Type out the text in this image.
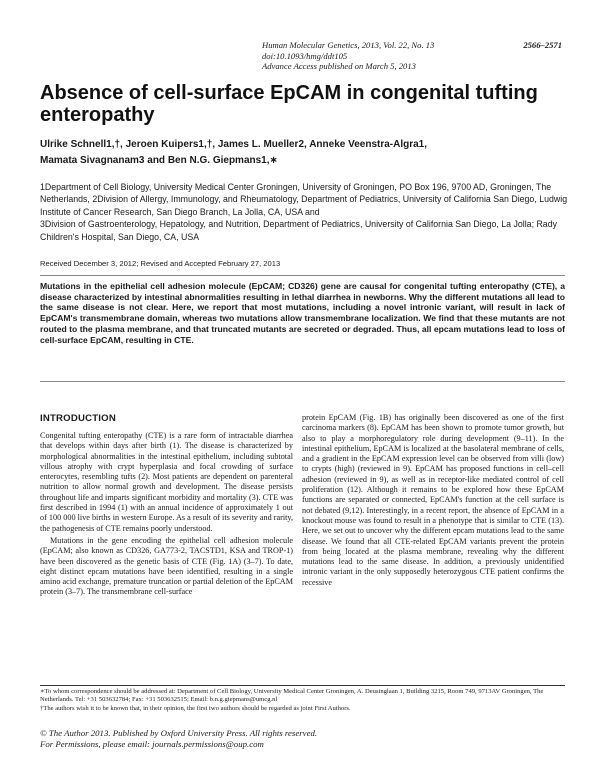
Human Molecular Genetics, 2013, Vol. 22, No. 13	2566–2571
doi:10.1093/hmg/ddt105
Advance Access published on March 5, 2013
Absence of cell-surface EpCAM in congenital tufting enteropathy
Ulrike Schnell1,†, Jeroen Kuipers1,†, James L. Mueller2, Anneke Veenstra-Algra1,
Mamata Sivagnanam3 and Ben N.G. Giepmans1,∗

1Department of Cell Biology, University Medical Center Groningen, University of Groningen, PO Box 196, 9700 AD, Groningen, The Netherlands, 2Division of Allergy, Immunology, and Rheumatology, Department of Pediatrics, University of California San Diego, Ludwig Institute of Cancer Research, San Diego Branch, La Jolla, CA, USA and

3Division of Gastroenterology, Hepatology, and Nutrition, Department of Pediatrics, University of California San Diego, La Jolla; Rady Children's Hospital, San Diego, CA, USA

Received December 3, 2012; Revised and Accepted February 27, 2013

Mutations in the epithelial cell adhesion molecule (EpCAM; CD326) gene are causal for congenital tufting enteropathy (CTE), a disease characterized by intestinal abnormalities resulting in lethal diarrhea in newborns. Why the different mutations all lead to the same disease is not clear. Here, we report that most mutations, including a novel intronic variant, will result in lack of EpCAM's transmembrane domain, whereas two mutations allow transmembrane localization. We find that these mutants are not routed to the plasma membrane, and that truncated mutants are secreted or degraded. Thus, all epcam mutations lead to loss of cell-surface EpCAM, resulting in CTE.

INTRODUCTION

Congenital tufting enteropathy (CTE) is a rare form of intractable diarrhea that develops within days after birth (1). The disease is characterized by morphological abnormalities in the intestinal epithelium, including subtotal villous atrophy with crypt hyperplasia and focal crowding of surface enterocytes, resembling tufts (2). Most patients are dependent on parenteral nutrition to allow normal growth and development. The disease persists throughout life and imparts significant morbidity and mortality (3). CTE was first described in 1994 (1) with an annual incidence of approximately 1 out of 100 000 live births in western Europe. As a result of its severity and rarity, the pathogenesis of CTE remains poorly understood.

Mutations in the gene encoding the epithelial cell adhesion molecule (EpCAM; also known as CD326, GA773-2, TACSTD1, KSA and TROP-1) have been discovered as the genetic basis of CTE (Fig. 1A) (3–7). To date, eight distinct epcam mutations have been identified, resulting in a single amino acid exchange, premature truncation or partial deletion of the EpCAM protein (3–7). The transmembrane cell-surface

protein EpCAM (Fig. 1B) has originally been discovered as one of the first carcinoma markers (8). EpCAM has been shown to promote tumor growth, but also to play a morphoregulatory role during development (9–11). In the intestinal epithelium, EpCAM is localized at the basolateral membrane of cells, and a gradient in the EpCAM expression level can be observed from villi (low) to crypts (high) (reviewed in 9). EpCAM has proposed functions in cell–cell adhesion (reviewed in 9), as well as in receptor-like mediated control of cell proliferation (12). Although it remains to be explored how these EpCAM functions are separated or connected, EpCAM's function at the cell surface is not debated (9,12). Interestingly, in a recent report, the absence of EpCAM in a knockout mouse was found to result in a phenotype that is similar to CTE (13). Here, we set out to uncover why the different epcam mutations lead to the same disease. We found that all CTE-related EpCAM variants prevent the protein from being located at the plasma membrane, revealing why the different mutations lead to the same disease. In addition, a previously unidentified intronic variant in the only supposedly heterozygous CTE patient confirms the recessive

∗To whom correspondence should be addressed at: Department of Cell Biology, University Medical Center Groningen, A. Deusinglaan 1, Building 3215, Room 749, 9713AV Groningen, The Netherlands. Tel: +31 503632784; Fax: +31 503632515; Email: b.n.g.giepmans@umcg.nl

†The authors wish it to be known that, in their opinion, the first two authors should be regarded as joint First Authors.

© The Author 2013. Published by Oxford University Press. All rights reserved.

For Permissions, please email: journals.permissions@oup.com
